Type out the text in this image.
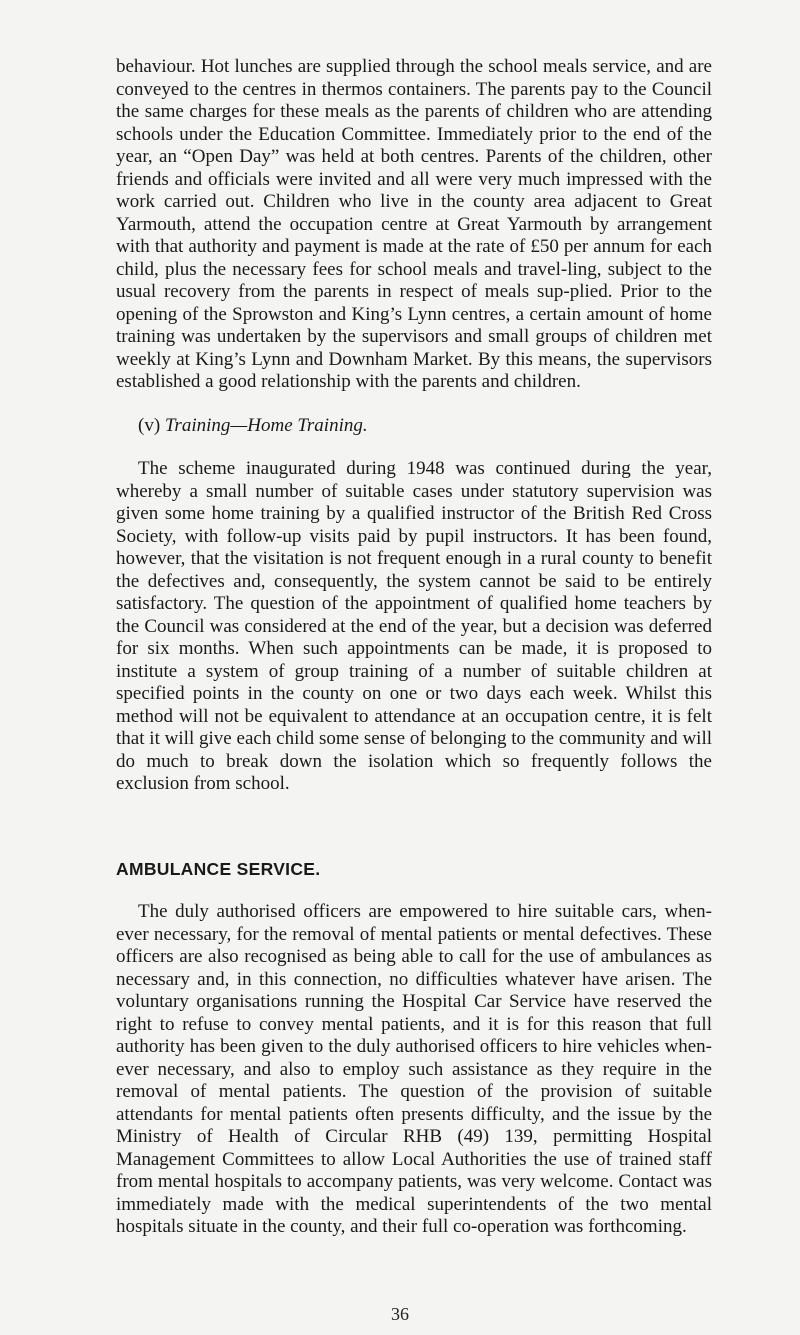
behaviour. Hot lunches are supplied through the school meals service, and are conveyed to the centres in thermos containers. The parents pay to the Council the same charges for these meals as the parents of children who are attending schools under the Education Committee. Immediately prior to the end of the year, an “Open Day” was held at both centres. Parents of the children, other friends and officials were invited and all were very much impressed with the work carried out. Children who live in the county area adjacent to Great Yarmouth, attend the occupation centre at Great Yarmouth by arrangement with that authority and payment is made at the rate of £50 per annum for each child, plus the necessary fees for school meals and travel-ling, subject to the usual recovery from the parents in respect of meals sup-plied. Prior to the opening of the Sprowston and King’s Lynn centres, a certain amount of home training was undertaken by the supervisors and small groups of children met weekly at King’s Lynn and Downham Market. By this means, the supervisors established a good relationship with the parents and children.

(v) Training—Home Training.

The scheme inaugurated during 1948 was continued during the year, whereby a small number of suitable cases under statutory supervision was given some home training by a qualified instructor of the British Red Cross Society, with follow-up visits paid by pupil instructors. It has been found, however, that the visitation is not frequent enough in a rural county to benefit the defectives and, consequently, the system cannot be said to be entirely satisfactory. The question of the appointment of qualified home teachers by the Council was considered at the end of the year, but a decision was deferred for six months. When such appointments can be made, it is proposed to institute a system of group training of a number of suitable children at specified points in the county on one or two days each week. Whilst this method will not be equivalent to attendance at an occupation centre, it is felt that it will give each child some sense of belonging to the community and will do much to break down the isolation which so frequently follows the exclusion from school.

AMBULANCE SERVICE.

The duly authorised officers are empowered to hire suitable cars, when-ever necessary, for the removal of mental patients or mental defectives. These officers are also recognised as being able to call for the use of ambulances as necessary and, in this connection, no difficulties whatever have arisen. The voluntary organisations running the Hospital Car Service have reserved the right to refuse to convey mental patients, and it is for this reason that full authority has been given to the duly authorised officers to hire vehicles when-ever necessary, and also to employ such assistance as they require in the removal of mental patients. The question of the provision of suitable attendants for mental patients often presents difficulty, and the issue by the Ministry of Health of Circular RHB (49) 139, permitting Hospital Management Committees to allow Local Authorities the use of trained staff from mental hospitals to accompany patients, was very welcome. Contact was immediately made with the medical superintendents of the two mental hospitals situate in the county, and their full co-operation was forthcoming.

36
